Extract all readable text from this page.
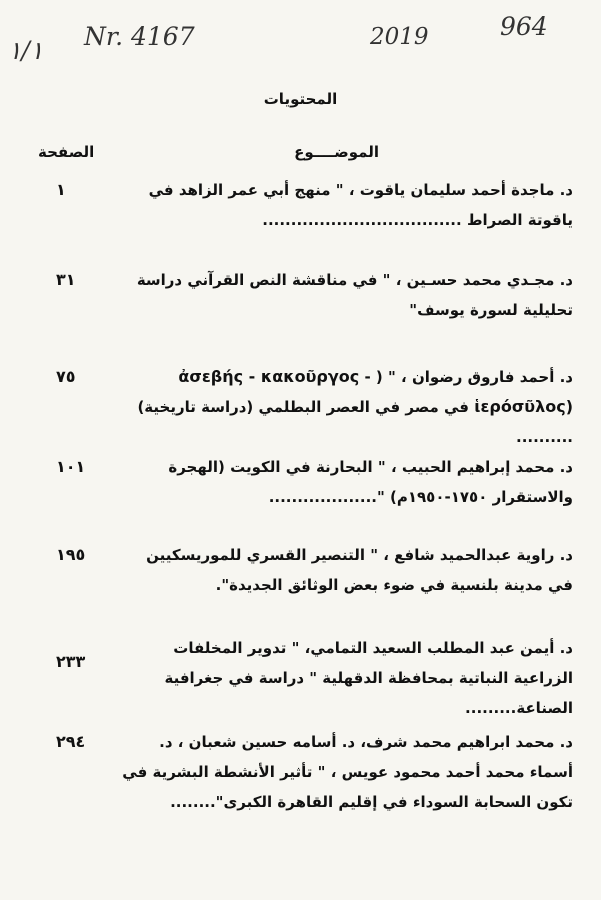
١/١ Nr. 4167	2019	964
المحتويات
الموضــــوع
الصفحة
د. ماجدة أحمد سليمان ياقوت ، " منهج أبي عمر الزاهد في ياقوتة الصراط ...................................
١
د. مجـدي محمد حسـين ، " في مناقشة النص القرآني دراسة تحليلية لسورة يوسف"
٣١
د. أحمد فاروق رضوان ، " ( - ἀσεβής - κακοῦργος ἱερόσῦλος) في مصر في العصر البطلمي (دراسة تاريخية) ..........
٧٥
د. محمد إبراهيم الحبيب ، " البحارنة في الكويت (الهجرة والاستقرار ١٧٥٠-١٩٥٠م) "...................
١٠١
د. راوية عبدالحميد شافع ، " التنصير القسري للموريسكيين في مدينة بلنسية في ضوء بعض الوثائق الجديدة".
١٩٥
د. أيمن عبد المطلب السعيد التمامي، " تدوير المخلفات الزراعية النباتية بمحافظة الدقهلية " دراسة في جغرافية الصناعة.........
٢٣٣
د. محمد ابراهيم محمد شرف، د. أسامه حسين شعبان ، د. أسماء محمد أحمد محمود عويس ، " تأثير الأنشطة البشرية في تكون السحابة السوداء في إقليم القاهرة الكبرى"........
٢٩٤
